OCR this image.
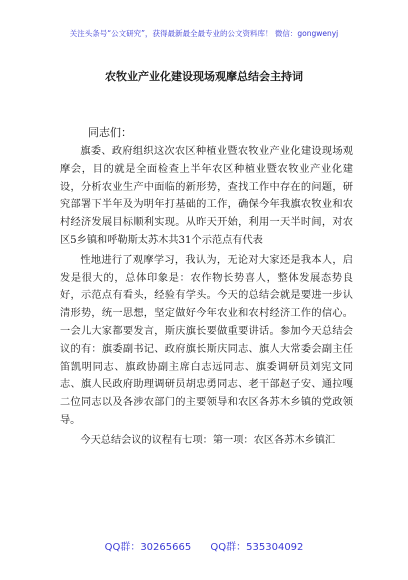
关注头条号“公文研究”，获得最新最全最专业的公文资料库！ 微信：gongwenyj
农牧业产业化建设现场观摩总结会主持词
同志们：

旗委、政府组织这次农区种植业暨农牧业产业化建设现场观摩会，目的就是全面检查上半年农区种植业暨农牧业产业化建设，分析农业生产中面临的新形势，查找工作中存在的问题，研究部署下半年及为明年打基础的工作，确保今年我旗农牧业和农村经济发展目标顺利实现。从昨天开始，利用一天半时间，对农区5乡镇和呼勒斯太苏木共31个示范点有代表

性地进行了观摩学习，我认为，无论对大家还是我本人，启发是很大的，总体印象是：农作物长势喜人，整体发展态势良好，示范点有看头，经验有学头。今天的总结会就是要进一步认清形势，统一思想，坚定做好今年农业和农村经济工作的信心。一会儿大家都要发言，斯庆旗长要做重要讲话。参加今天总结会议的有：旗委副书记、政府旗长斯庆同志、旗人大常委会副主任笛凯明同志、旗政协副主席白志远同志、旗委调研员刘宪文同志、旗人民政府助理调研员胡忠勇同志、老干部赵子安、通拉嘎二位同志以及各涉农部门的主要领导和农区各苏木乡镇的党政领导。

今天总结会议的议程有七项：第一项：农区各苏木乡镇汇

QQ群：30265665 QQ群：535304092
